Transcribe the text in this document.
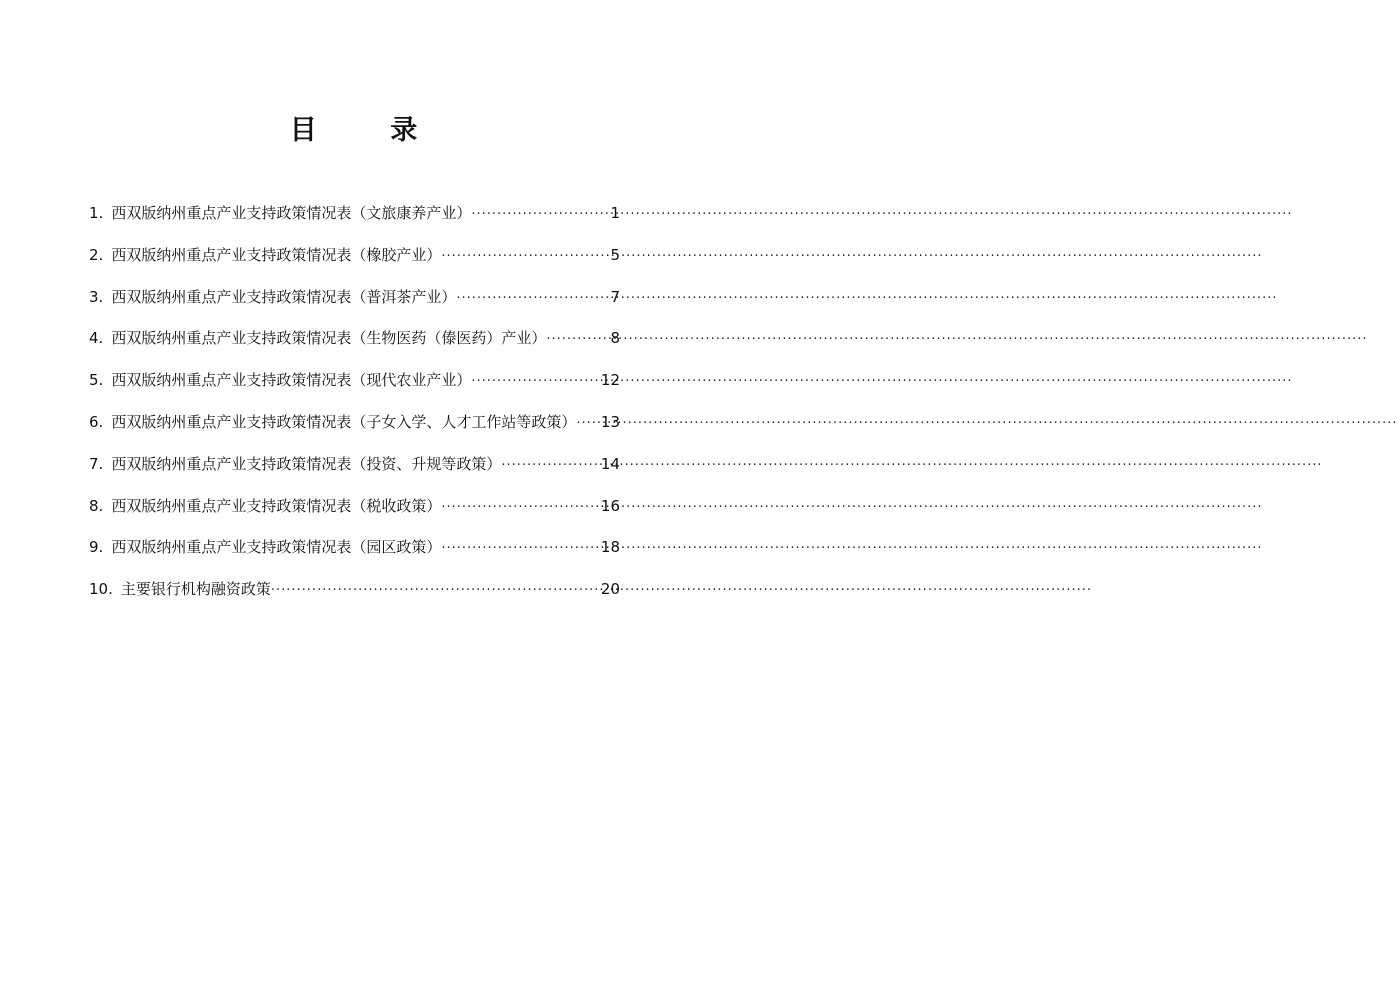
目 录
1. 西双版纳州重点产业支持政策情况表（文旅康养产业） ·····	1
2. 西双版纳州重点产业支持政策情况表（橡胶产业） ·····	5
3. 西双版纳州重点产业支持政策情况表（普洱茶产业） ·····	7
4. 西双版纳州重点产业支持政策情况表（生物医药（傣医药）产业） ·····	8
5. 西双版纳州重点产业支持政策情况表（现代农业产业） ·····	12
6. 西双版纳州重点产业支持政策情况表（子女入学、人才工作站等政策） ····· 13
7. 西双版纳州重点产业支持政策情况表（投资、升规等政策） ·····	14
8. 西双版纳州重点产业支持政策情况表（税收政策） ·····	16
9. 西双版纳州重点产业支持政策情况表（园区政策） ·····	18
10. 主要银行机构融资政策 ·····	20
